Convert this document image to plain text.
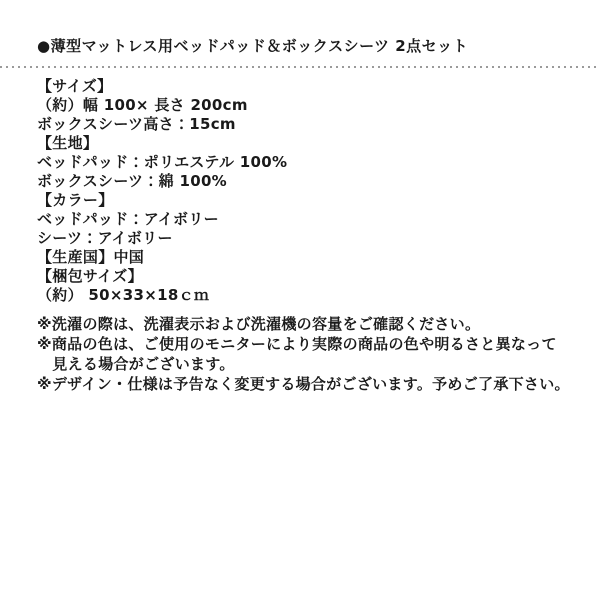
●薄型マットレス用ベッドパッド＆ボックスシーツ 2点セット
【サイズ】
（約）幅 100× 長さ 200cm
ボックスシーツ高さ：15cm
【生地】
ベッドパッド：ポリエステル 100%
ボックスシーツ：綿 100%
【カラー】
ベッドパッド：アイボリー
シーツ：アイボリー
【生産国】中国
【梱包サイズ】
（約） 50×33×18ｃｍ
※洗濯の際は、洗濯表示および洗濯機の容量をご確認ください。
※商品の色は、ご使用のモニターにより実際の商品の色や明るさと異なって
　見える場合がございます。
※デザイン・仕様は予告なく変更する場合がございます。予めご了承下さい。
